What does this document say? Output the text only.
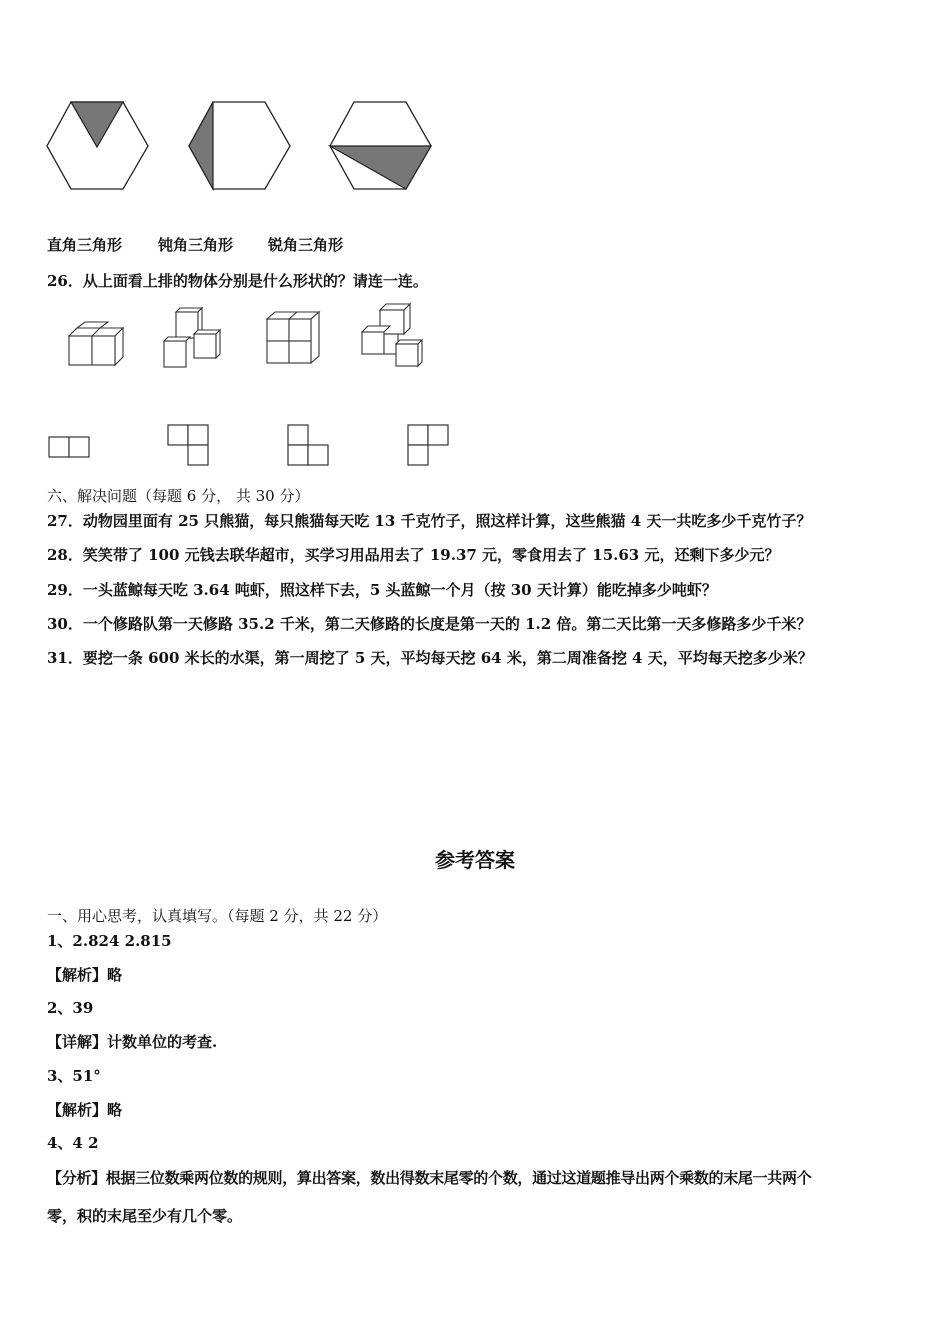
直角三角形 钝角三角形 锐角三角形
26．从上面看上排的物体分别是什么形状的？请连一连。
六、解决问题（每题 6 分， 共 30 分）
27．动物园里面有 25 只熊猫，每只熊猫每天吃 13 千克竹子，照这样计算，这些熊猫 4 天一共吃多少千克竹子？
28．笑笑带了 100 元钱去联华超市，买学习用品用去了 19.37 元，零食用去了 15.63 元，还剩下多少元？
29．一头蓝鲸每天吃 3.64 吨虾，照这样下去，5 头蓝鲸一个月（按 30 天计算）能吃掉多少吨虾？
30．一个修路队第一天修路 35.2 千米，第二天修路的长度是第一天的 1.2 倍。第二天比第一天多修路多少千米？
31．要挖一条 600 米长的水渠，第一周挖了 5 天，平均每天挖 64 米，第二周准备挖 4 天，平均每天挖多少米？
参考答案
一、用心思考，认真填写。（每题 2 分，共 22 分）
1、2.824 2.815
【解析】略
2、39
【详解】计数单位的考查.
3、51°
【解析】略
4、4 2
【分析】根据三位数乘两位数的规则，算出答案，数出得数末尾零的个数，通过这道题推导出两个乘数的末尾一共两个
零，积的末尾至少有几个零。
